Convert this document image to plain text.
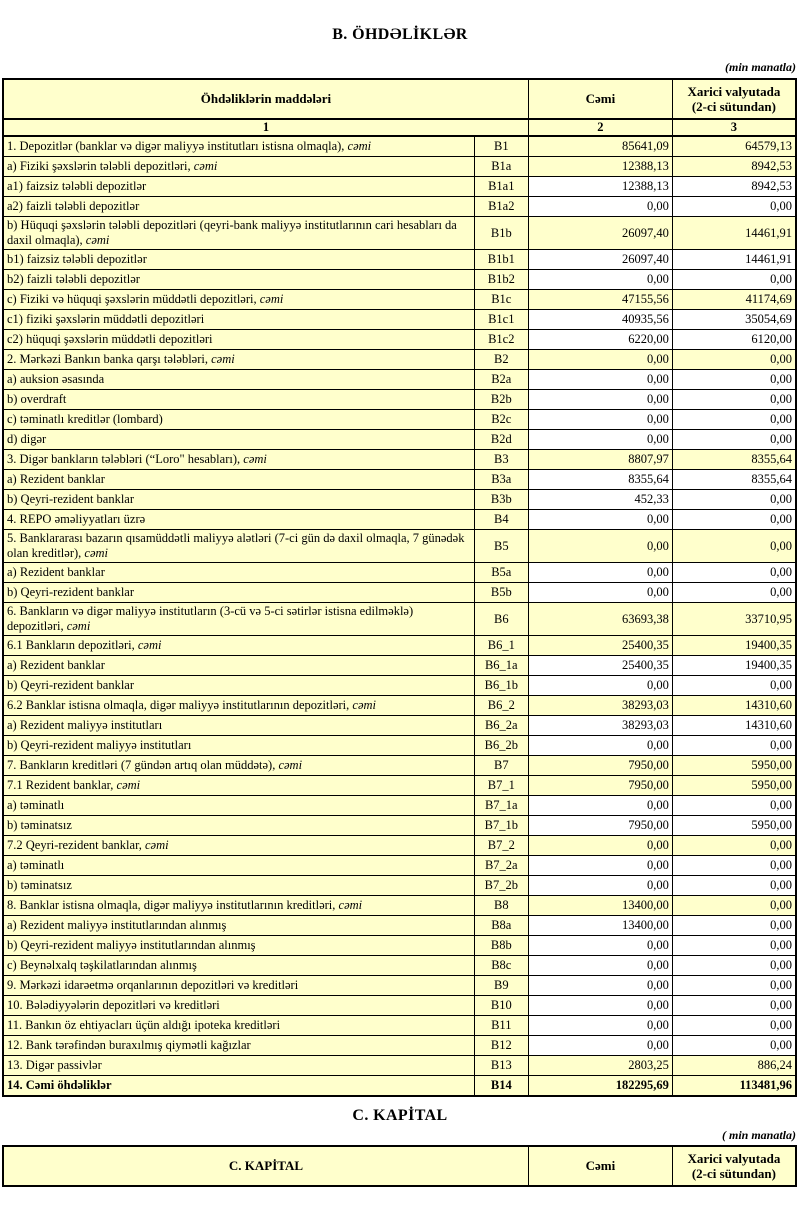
B. ÖHDƏLİKLƏR
(min manatla)
Öhdəliklərin maddələri		Cəmi	Xarici valyutada
(2-ci sütundan)
1		2	3
1. Depozitlər (banklar və digər maliyyə institutları istisna olmaqla), cəmi	B1	85641,09	64579,13
a) Fiziki şəxslərin tələbli depozitləri, cəmi	B1a	12388,13	8942,53
a1) faizsiz tələbli depozitlər	B1a1	12388,13	8942,53
a2) faizli tələbli depozitlər	B1a2	0,00	0,00
b) Hüquqi şəxslərin tələbli depozitləri (qeyri-bank maliyyə institutlarının cari hesabları da daxil olmaqla), cəmi	B1b	26097,40	14461,91
b1) faizsiz tələbli depozitlər	B1b1	26097,40	14461,91
b2) faizli tələbli depozitlər	B1b2	0,00	0,00
c) Fiziki və hüquqi şəxslərin müddətli depozitləri, cəmi	B1c	47155,56	41174,69
c1) fiziki şəxslərin müddətli depozitləri	B1c1	40935,56	35054,69
c2) hüquqi şəxslərin müddətli depozitləri	B1c2	6220,00	6120,00
2. Mərkəzi Bankın banka qarşı tələbləri, cəmi	B2	0,00	0,00
a) auksion əsasında	B2a	0,00	0,00
b) overdraft	B2b	0,00	0,00
c) təminatlı kreditlər (lombard)	B2c	0,00	0,00
d) digər	B2d	0,00	0,00
3. Digər bankların tələbləri (“Loro" hesabları), cəmi	B3	8807,97	8355,64
a) Rezident banklar	B3a	8355,64	8355,64
b) Qeyri-rezident banklar	B3b	452,33	0,00
4. REPO əməliyyatları üzrə	B4	0,00	0,00
5. Banklararası bazarın qısamüddətli maliyyə alətləri (7-ci gün də daxil olmaqla, 7 günədək olan kreditlər), cəmi	B5	0,00	0,00
a) Rezident banklar	B5a	0,00	0,00
b) Qeyri-rezident banklar	B5b	0,00	0,00
6. Bankların və digər maliyyə institutların (3-cü və 5-ci sətirlər istisna edilməklə) depozitləri, cəmi	B6	63693,38	33710,95
6.1 Bankların depozitləri, cəmi	B6_1	25400,35	19400,35
a) Rezident banklar	B6_1a	25400,35	19400,35
b) Qeyri-rezident banklar	B6_1b	0,00	0,00
6.2 Banklar istisna olmaqla, digər maliyyə institutlarının depozitləri, cəmi	B6_2	38293,03	14310,60
a) Rezident maliyyə institutları	B6_2a	38293,03	14310,60
b) Qeyri-rezident maliyyə institutları	B6_2b	0,00	0,00
7. Bankların kreditləri (7 gündən artıq olan müddətə), cəmi	B7	7950,00	5950,00
7.1 Rezident banklar, cəmi	B7_1	7950,00	5950,00
a) təminatlı	B7_1a	0,00	0,00
b) təminatsız	B7_1b	7950,00	5950,00
7.2 Qeyri-rezident banklar, cəmi	B7_2	0,00	0,00
a) təminatlı	B7_2a	0,00	0,00
b) təminatsız	B7_2b	0,00	0,00
8. Banklar istisna olmaqla, digər maliyyə institutlarının kreditləri, cəmi	B8	13400,00	0,00
a) Rezident maliyyə institutlarından alınmış	B8a	13400,00	0,00
b) Qeyri-rezident maliyyə institutlarından alınmış	B8b	0,00	0,00
c) Beynəlxalq təşkilatlarından alınmış	B8c	0,00	0,00
9. Mərkəzi idarəetmə orqanlarının depozitləri və kreditləri	B9	0,00	0,00
10. Bələdiyyələrin depozitləri və kreditləri	B10	0,00	0,00
11. Bankın öz ehtiyacları üçün aldığı ipoteka kreditləri	B11	0,00	0,00
12. Bank tərəfindən buraxılmış qiymətli kağızlar	B12	0,00	0,00
13. Digər passivlər	B13	2803,25	886,24
14. Cəmi öhdəliklər	B14	182295,69	113481,96
C. KAPİTAL
( min manatla)
C. KAPİTAL	Cəmi	Xarici valyutada
(2-ci sütundan)
